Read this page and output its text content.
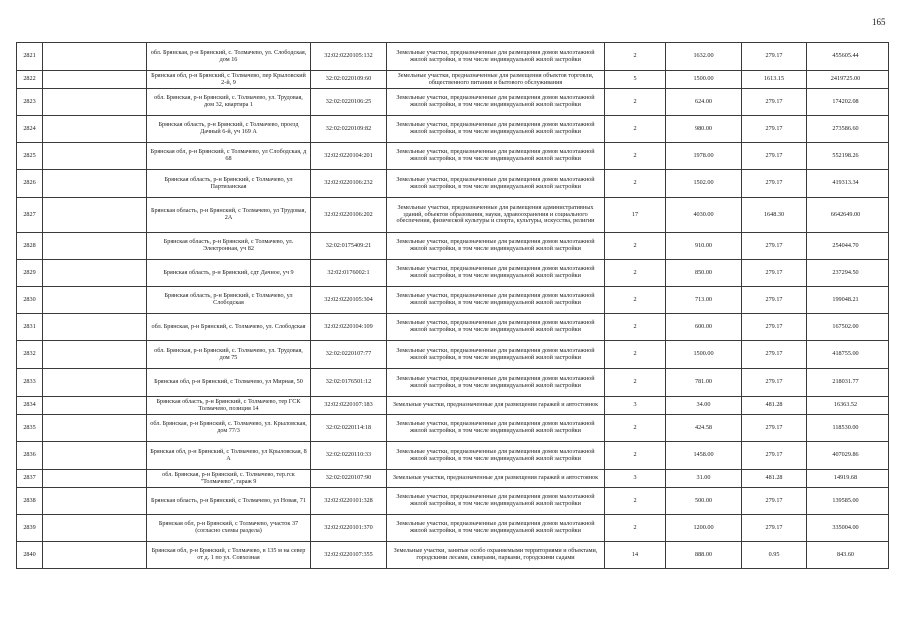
165
2821		обл. Брянская, р-н Брянский, с. Толмачево, ул. Слободская, дом 16	32:02:0220105:132	Земельные участки, предназначенные для размещения домов малоэтажной жилой застройки, в том числе индивидуальной жилой застройки	2	1632.00	279.17	455605.44
2822		Брянская обл, р-н Брянский, с Толмачево, пер Крыловский 2-й, 9	32:02:0220109:60	Земельные участки, предназначенные для размещения объектов торговли, общественного питания и бытового обслуживания	5	1500.00	1613.15	2419725.00
2823		обл. Брянская, р-н Брянский, с. Толмачево, ул. Трудовая, дом 32, квартира 1	32:02:0220106:25	Земельные участки, предназначенные для размещения домов малоэтажной жилой застройки, в том числе индивидуальной жилой застройки	2	624.00	279.17	174202.08
2824		Брянская область, р-н Брянский, с Толмачево, проезд Дачный 6-й, уч 169 А	32:02:0220109:82	Земельные участки, предназначенные для размещения домов малоэтажной жилой застройки, в том числе индивидуальной жилой застройки	2	980.00	279.17	273586.60
2825		Брянская обл, р-н Брянский, с Толмачево, ул Слободская, д 68	32:02:0220104:201	Земельные участки, предназначенные для размещения домов малоэтажной жилой застройки, в том числе индивидуальной жилой застройки	2	1978.00	279.17	552198.26
2826		Брянская область, р-н Брянский, с Толмачево, ул Партизанская	32:02:0220106:232	Земельные участки, предназначенные для размещения домов малоэтажной жилой застройки, в том числе индивидуальной жилой застройки	2	1502.00	279.17	419313.34
2827		Брянская область, р-н Брянский, с Толмачево, ул Трудовая, 2А	32:02:0220106:202	Земельные участки, предназначенные для размещения административных зданий, объектов образования, науки, здравоохранения и социального обеспечения, физической культуры и спорта, культуры, искусства, религии	17	4030.00	1648.30	6642649.00
2828		Брянская область, р-н Брянский, с Толмачево, ул. Электронная, уч 82	32:02:0175409:21	Земельные участки, предназначенные для размещения домов малоэтажной жилой застройки, в том числе индивидуальной жилой застройки	2	910.00	279.17	254044.70
2829		Брянская область, р-н Брянский, сдт Дачное, уч 9	32:02:0176002:1	Земельные участки, предназначенные для размещения домов малоэтажной жилой застройки, в том числе индивидуальной жилой застройки	2	850.00	279.17	237294.50
2830		Брянская область, р-н Брянский, с Толмачево, ул Слободская	32:02:0220105:304	Земельные участки, предназначенные для размещения домов малоэтажной жилой застройки, в том числе индивидуальной жилой застройки	2	713.00	279.17	199048.21
2831		обл. Брянская, р-н Брянский, с. Толмачево, ул. Слободская	32:02:0220104:109	Земельные участки, предназначенные для размещения домов малоэтажной жилой застройки, в том числе индивидуальной жилой застройки	2	600.00	279.17	167502.00
2832		обл. Брянская, р-н Брянский, с. Толмачево, ул. Трудовая, дом 75	32:02:0220107:77	Земельные участки, предназначенные для размещения домов малоэтажной жилой застройки, в том числе индивидуальной жилой застройки	2	1500.00	279.17	418755.00
2833		Брянская обл, р-н Брянский, с Толмачево, ул Мирная, 50	32:02:0176501:12	Земельные участки, предназначенные для размещения домов малоэтажной жилой застройки, в том числе индивидуальной жилой застройки	2	781.00	279.17	218031.77
2834		Брянская область, р-н Брянский, с Толмачево, тер ГСК Толмачево, позиция 14	32:02:0220107:183	Земельные участки, предназначенные для размещения гаражей и автостоянок	3	34.00	481.28	16363.52
2835		обл. Брянская, р-н Брянский, с. Толмачево, ул. Крыловская, дом 77/3	32:02:0220114:18	Земельные участки, предназначенные для размещения домов малоэтажной жилой застройки, в том числе индивидуальной жилой застройки	2	424.58	279.17	118530.00
2836		Брянская обл, р-н Брянский, с Толмачево, ул Крыловская, 8 А	32:02:0220110:33	Земельные участки, предназначенные для размещения домов малоэтажной жилой застройки, в том числе индивидуальной жилой застройки	2	1458.00	279.17	407029.86
2837		обл. Брянская, р-н Брянский, с. Толмачево, тер.гск "Толмачево", гараж 9	32:02:0220107:90	Земельные участки, предназначенные для размещения гаражей и автостоянок	3	31.00	481.28	14919.68
2838		Брянская область, р-н Брянский, с Толмачево, ул Новая, 71	32:02:0220101:328	Земельные участки, предназначенные для размещения домов малоэтажной жилой застройки, в том числе индивидуальной жилой застройки	2	500.00	279.17	139585.00
2839		Брянская обл, р-н Брянский, с Толмачево, участок 37 (согласно схемы раздела)	32:02:0220101:370	Земельные участки, предназначенные для размещения домов малоэтажной жилой застройки, в том числе индивидуальной жилой застройки	2	1200.00	279.17	335004.00
2840		Брянская обл, р-н Брянский, с Толмачево, в 135 м на север от д. 1 по ул. Совхозная	32:02:0220107:355	Земельные участки, занятые особо охраняемыми территориями и объектами, городскими лесами, скверами, парками, городскими садами	14	888.00	0.95	843.60
